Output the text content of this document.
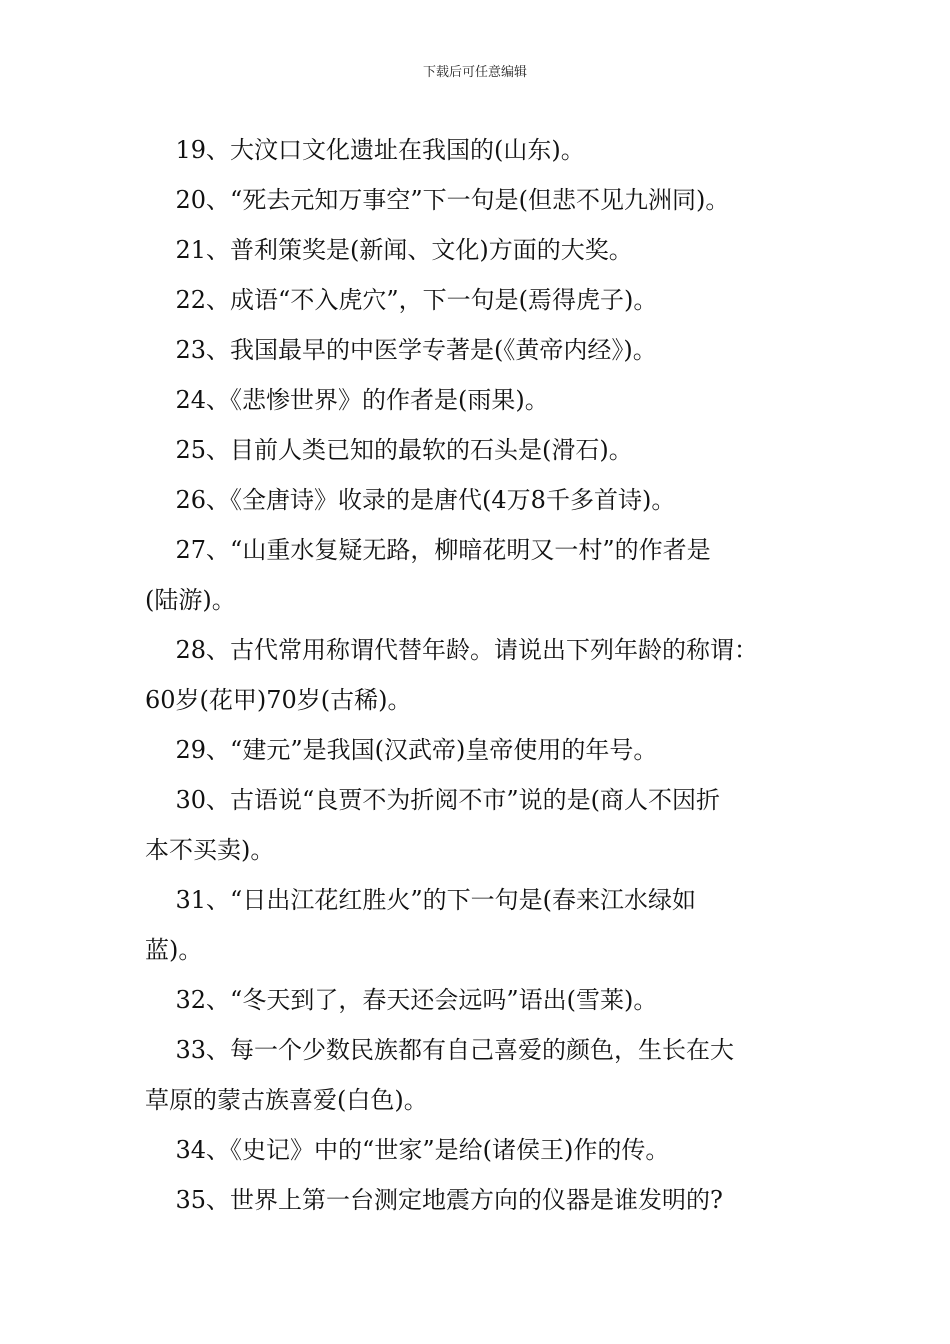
下载后可任意编辑

19、大汶口文化遗址在我国的(山东)。

20、“死去元知万事空”下一句是(但悲不见九洲同)。

21、普利策奖是(新闻、文化)方面的大奖。

22、成语“不入虎穴”，下一句是(焉得虎子)。

23、我国最早的中医学专著是(《黄帝内经》)。

24、《悲惨世界》的作者是(雨果)。

25、目前人类已知的最软的石头是(滑石)。

26、《全唐诗》收录的是唐代(4万8千多首诗)。

27、“山重水复疑无路，柳暗花明又一村”的作者是
(陆游)。

28、古代常用称谓代替年龄。请说出下列年龄的称谓：
60岁(花甲)70岁(古稀)。

29、“建元”是我国(汉武帝)皇帝使用的年号。

30、古语说“良贾不为折阅不市”说的是(商人不因折
本不买卖)。

31、“日出江花红胜火”的下一句是(春来江水绿如
蓝)。

32、“冬天到了，春天还会远吗”语出(雪莱)。

33、每一个少数民族都有自己喜爱的颜色，生长在大
草原的蒙古族喜爱(白色)。

34、《史记》中的“世家”是给(诸侯王)作的传。

35、世界上第一台测定地震方向的仪器是谁发明的?
